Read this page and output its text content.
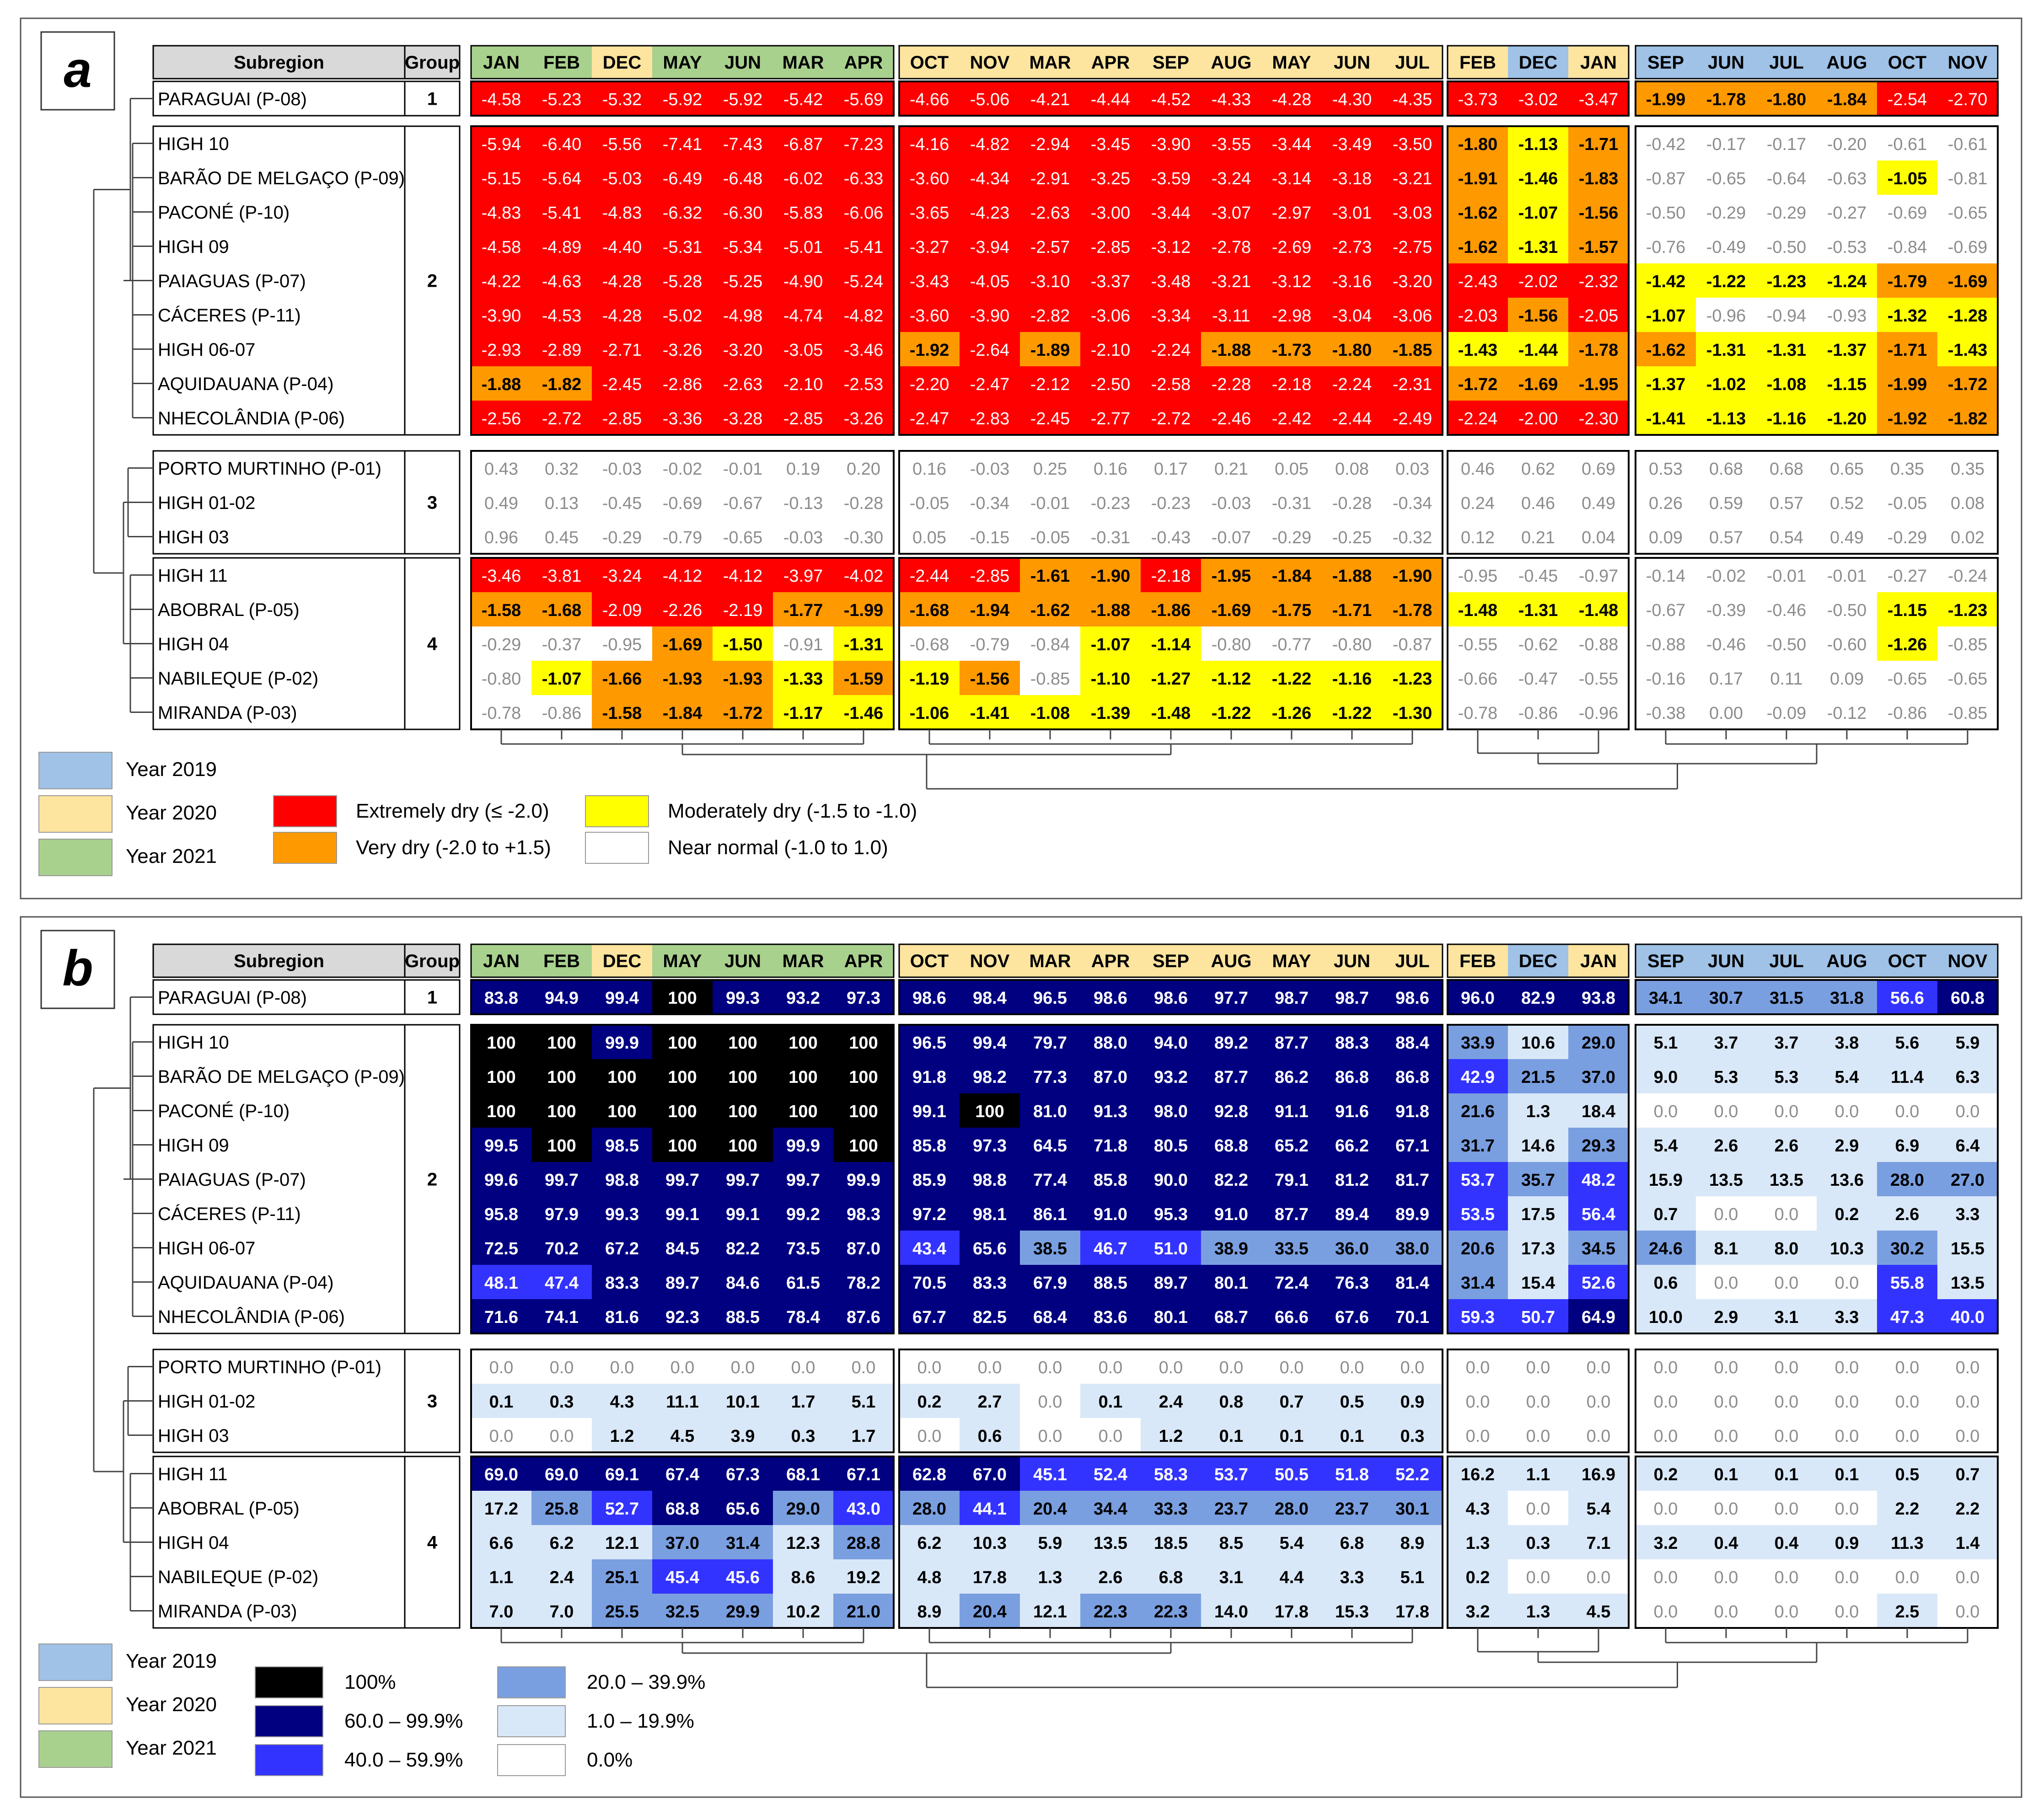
a	Subregion	Group JAN FEB DEC MAY JUN MAR APR OCT NOV MAR APR SEP AUG MAY JUN JUL FEB DEC JAN SEP JUN JUL AUG OCT NOV
1
PARAGUAI (P-08)	-4.58 -5.23 -5.32 -5.92 -5.92 -5.42 -5.69 -4.66 -5.06 -4.21 -4.44 -4.52 -4.33 -4.28 -4.30 -4.35 -3.73 -3.02 -3.47 -1.99 -1.78 -1.80 -1.84 -2.54 -2.70
2
HIGH 10	-5.94 -6.40 -5.56 -7.41 -7.43 -6.87 -7.23 -4.16 -4.82 -2.94 -3.45 -3.90 -3.55 -3.44 -3.49 -3.50 -1.80 -1.13 -1.71 -0.42 -0.17 -0.17 -0.20 -0.61 -0.61
BARÃO DE MELGAÇO (P-09)	-5.15 -5.64 -5.03 -6.49 -6.48 -6.02 -6.33 -3.60 -4.34 -2.91 -3.25 -3.59 -3.24 -3.14 -3.18 -3.21 -1.91 -1.46 -1.83 -0.87 -0.65 -0.64 -0.63 -1.05 -0.81
PACONÉ (P-10)	-4.83 -5.41 -4.83 -6.32 -6.30 -5.83 -6.06 -3.65 -4.23 -2.63 -3.00 -3.44 -3.07 -2.97 -3.01 -3.03 -1.62 -1.07 -1.56 -0.50 -0.29 -0.29 -0.27 -0.69 -0.65
HIGH 09	-4.58 -4.89 -4.40 -5.31 -5.34 -5.01 -5.41 -3.27 -3.94 -2.57 -2.85 -3.12 -2.78 -2.69 -2.73 -2.75 -1.62 -1.31 -1.57 -0.76 -0.49 -0.50 -0.53 -0.84 -0.69
PAIAGUAS (P-07)	-4.22 -4.63 -4.28 -5.28 -5.25 -4.90 -5.24 -3.43 -4.05 -3.10 -3.37 -3.48 -3.21 -3.12 -3.16 -3.20 -2.43 -2.02 -2.32 -1.42 -1.22 -1.23 -1.24 -1.79 -1.69
CÁCERES (P-11)	-3.90 -4.53 -4.28 -5.02 -4.98 -4.74 -4.82 -3.60 -3.90 -2.82 -3.06 -3.34 -3.11 -2.98 -3.04 -3.06 -2.03 -1.56 -2.05 -1.07 -0.96 -0.94 -0.93 -1.32 -1.28
HIGH 06-07	-2.93 -2.89 -2.71 -3.26 -3.20 -3.05 -3.46 -1.92 -2.64 -1.89 -2.10 -2.24 -1.88 -1.73 -1.80 -1.85 -1.43 -1.44 -1.78 -1.62 -1.31 -1.31 -1.37 -1.71 -1.43
AQUIDAUANA (P-04)	-1.88 -1.82 -2.45 -2.86 -2.63 -2.10 -2.53 -2.20 -2.47 -2.12 -2.50 -2.58 -2.28 -2.18 -2.24 -2.31 -1.72 -1.69 -1.95 -1.37 -1.02 -1.08 -1.15 -1.99 -1.72
NHECOLÂNDIA (P-06)	-2.56 -2.72 -2.85 -3.36 -3.28 -2.85 -3.26 -2.47 -2.83 -2.45 -2.77 -2.72 -2.46 -2.42 -2.44 -2.49 -2.24 -2.00 -2.30 -1.41 -1.13 -1.16 -1.20 -1.92 -1.82
3
PORTO MURTINHO (P-01)	0.43 0.32 -0.03 -0.02 -0.01 0.19 0.20 0.16 -0.03 0.25 0.16 0.17 0.21 0.05 0.08 0.03 0.46 0.62 0.69 0.53 0.68 0.68 0.65 0.35 0.35
HIGH 01-02	0.49 0.13 -0.45 -0.69 -0.67 -0.13 -0.28 -0.05 -0.34 -0.01 -0.23 -0.23 -0.03 -0.31 -0.28 -0.34 0.24 0.46 0.49 0.26 0.59 0.57 0.52 -0.05 0.08
HIGH 03	0.96 0.45 -0.29 -0.79 -0.65 -0.03 -0.30 0.05 -0.15 -0.05 -0.31 -0.43 -0.07 -0.29 -0.25 -0.32 0.12 0.21 0.04 0.09 0.57 0.54 0.49 -0.29 0.02
4
HIGH 11	-3.46 -3.81 -3.24 -4.12 -4.12 -3.97 -4.02 -2.44 -2.85 -1.61 -1.90 -2.18 -1.95 -1.84 -1.88 -1.90 -0.95 -0.45 -0.97 -0.14 -0.02 -0.01 -0.01 -0.27 -0.24
ABOBRAL (P-05)	-1.58 -1.68 -2.09 -2.26 -2.19 -1.77 -1.99 -1.68 -1.94 -1.62 -1.88 -1.86 -1.69 -1.75 -1.71 -1.78 -1.48 -1.31 -1.48 -0.67 -0.39 -0.46 -0.50 -1.15 -1.23
HIGH 04	-0.29 -0.37 -0.95 -1.69 -1.50 -0.91 -1.31 -0.68 -0.79 -0.84 -1.07 -1.14 -0.80 -0.77 -0.80 -0.87 -0.55 -0.62 -0.88 -0.88 -0.46 -0.50 -0.60 -1.26 -0.85
NABILEQUE (P-02)	-0.80 -1.07 -1.66 -1.93 -1.93 -1.33 -1.59 -1.19 -1.56 -0.85 -1.10 -1.27 -1.12 -1.22 -1.16 -1.23 -0.66 -0.47 -0.55 -0.16 0.17 0.11 0.09 -0.65 -0.65
MIRANDA (P-03)	-0.78 -0.86 -1.58 -1.84 -1.72 -1.17 -1.46 -1.06 -1.41 -1.08 -1.39 -1.48 -1.22 -1.26 -1.22 -1.30 -0.78 -0.86 -0.96 -0.38 0.00 -0.09 -0.12 -0.86 -0.85
Year 2019
Year 2020
Year 2021
Extremely dry (≤ -2.0)
Very dry (-2.0 to +1.5)
Moderately dry (-1.5 to -1.0)
Near normal (-1.0 to 1.0)
b	Subregion	Group JAN FEB DEC MAY JUN MAR APR OCT NOV MAR APR SEP AUG MAY JUN JUL FEB DEC JAN SEP JUN JUL AUG OCT NOV
1
PARAGUAI (P-08)	83.8 94.9 99.4 100 99.3 93.2 97.3 98.6 98.4 96.5 98.6 98.6 97.7 98.7 98.7 98.6 96.0 82.9 93.8 34.1 30.7 31.5 31.8 56.6 60.8
2
HIGH 10	100 100 99.9 100 100 100 100 96.5 99.4 79.7 88.0 94.0 89.2 87.7 88.3 88.4 33.9 10.6 29.0 5.1 3.7 3.7 3.8 5.6 5.9
BARÃO DE MELGAÇO (P-09)	100 100 100 100 100 100 100 91.8 98.2 77.3 87.0 93.2 87.7 86.2 86.8 86.8 42.9 21.5 37.0 9.0 5.3 5.3 5.4 11.4 6.3
PACONÉ (P-10)	100 100 100 100 100 100 100 99.1 100 81.0 91.3 98.0 92.8 91.1 91.6 91.8 21.6 1.3 18.4 0.0 0.0 0.0 0.0 0.0 0.0
HIGH 09	99.5 100 98.5 100 100 99.9 100 85.8 97.3 64.5 71.8 80.5 68.8 65.2 66.2 67.1 31.7 14.6 29.3 5.4 2.6 2.6 2.9 6.9 6.4
PAIAGUAS (P-07)	99.6 99.7 98.8 99.7 99.7 99.7 99.9 85.9 98.8 77.4 85.8 90.0 82.2 79.1 81.2 81.7 53.7 35.7 48.2 15.9 13.5 13.5 13.6 28.0 27.0
CÁCERES (P-11)	95.8 97.9 99.3 99.1 99.1 99.2 98.3 97.2 98.1 86.1 91.0 95.3 91.0 87.7 89.4 89.9 53.5 17.5 56.4 0.7 0.0 0.0 0.2 2.6 3.3
HIGH 06-07	72.5 70.2 67.2 84.5 82.2 73.5 87.0 43.4 65.6 38.5 46.7 51.0 38.9 33.5 36.0 38.0 20.6 17.3 34.5 24.6 8.1 8.0 10.3 30.2 15.5
AQUIDAUANA (P-04)	48.1 47.4 83.3 89.7 84.6 61.5 78.2 70.5 83.3 67.9 88.5 89.7 80.1 72.4 76.3 81.4 31.4 15.4 52.6 0.6 0.0 0.0 0.0 55.8 13.5
NHECOLÂNDIA (P-06)	71.6 74.1 81.6 92.3 88.5 78.4 87.6 67.7 82.5 68.4 83.6 80.1 68.7 66.6 67.6 70.1 59.3 50.7 64.9 10.0 2.9 3.1 3.3 47.3 40.0
3
PORTO MURTINHO (P-01)	0.0 0.0 0.0 0.0 0.0 0.0 0.0 0.0 0.0 0.0 0.0 0.0 0.0 0.0 0.0 0.0 0.0 0.0 0.0 0.0 0.0 0.0 0.0 0.0 0.0
HIGH 01-02	0.1 0.3 4.3 11.1 10.1 1.7 5.1 0.2 2.7 0.0 0.1 2.4 0.8 0.7 0.5 0.9 0.0 0.0 0.0 0.0 0.0 0.0 0.0 0.0 0.0
HIGH 03	0.0 0.0 1.2 4.5 3.9 0.3 1.7 0.0 0.6 0.0 0.0 1.2 0.1 0.1 0.1 0.3 0.0 0.0 0.0 0.0 0.0 0.0 0.0 0.0 0.0
4
HIGH 11	69.0 69.0 69.1 67.4 67.3 68.1 67.1 62.8 67.0 45.1 52.4 58.3 53.7 50.5 51.8 52.2 16.2 1.1 16.9 0.2 0.1 0.1 0.1 0.5 0.7
ABOBRAL (P-05)	17.2 25.8 52.7 68.8 65.6 29.0 43.0 28.0 44.1 20.4 34.4 33.3 23.7 28.0 23.7 30.1 4.3 0.0 5.4 0.0 0.0 0.0 0.0 2.2 2.2
HIGH 04	6.6 6.2 12.1 37.0 31.4 12.3 28.8 6.2 10.3 5.9 13.5 18.5 8.5 5.4 6.8 8.9 1.3 0.3 7.1 3.2 0.4 0.4 0.9 11.3 1.4
NABILEQUE (P-02)	1.1 2.4 25.1 45.4 45.6 8.6 19.2 4.8 17.8 1.3 2.6 6.8 3.1 4.4 3.3 5.1 0.2 0.0 0.0 0.0 0.0 0.0 0.0 0.0 0.0
MIRANDA (P-03)	7.0 7.0 25.5 32.5 29.9 10.2 21.0 8.9 20.4 12.1 22.3 22.3 14.0 17.8 15.3 17.8 3.2 1.3 4.5 0.0 0.0 0.0 0.0 2.5 0.0
Year 2019
Year 2020
Year 2021
100%
60.0 – 99.9%
40.0 – 59.9%
20.0 – 39.9%
1.0 – 19.9%
0.0%
